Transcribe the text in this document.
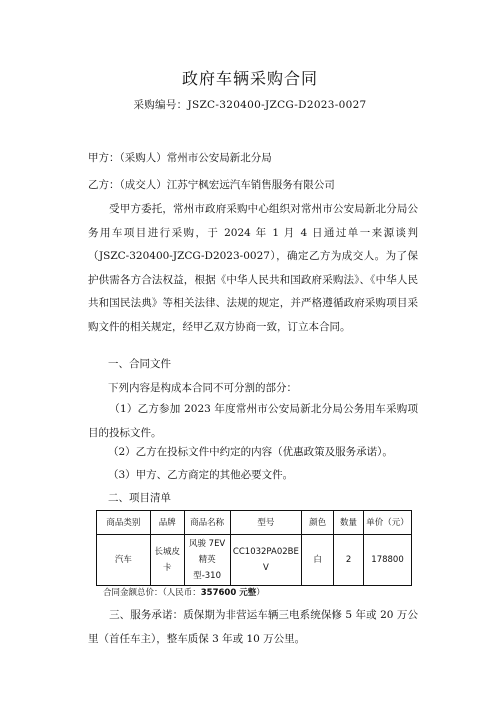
政府车辆采购合同
采购编号：JSZC-320400-JZCG-D2023-0027
甲方：（采购人）常州市公安局新北分局
乙方：（成交人）江苏宁枫宏远汽车销售服务有限公司
受甲方委托，常州市政府采购中心组织对常州市公安局新北分局公务用车项目进行采购，于 2024 年 1 月 4 日通过单一来源谈判（JSZC-320400-JZCG-D2023-0027），确定乙方为成交人。为了保护供需各方合法权益，根据《中华人民共和国政府采购法》、《中华人民共和国民法典》等相关法律、法规的规定，并严格遵循政府采购项目采购文件的相关规定，经甲乙双方协商一致，订立本合同。
一、合同文件
下列内容是构成本合同不可分割的部分：
（1）乙方参加 2023 年度常州市公安局新北分局公务用车采购项目的投标文件。
（2）乙方在投标文件中约定的内容（优惠政策及服务承诺）。
（3）甲方、乙方商定的其他必要文件。
二、项目清单
商品类别	品牌	商品名称	型号	颜色	数量	单价（元）
汽车	长城皮卡	风骏 7EV 精英型-310	CC1032PA02BEV	白	2	178800
合同金额总价：（人民币：357600 元整）
三、服务承诺：质保期为非营运车辆三电系统保修 5 年或 20 万公里（首任车主），整车质保 3 年或 10 万公里。
